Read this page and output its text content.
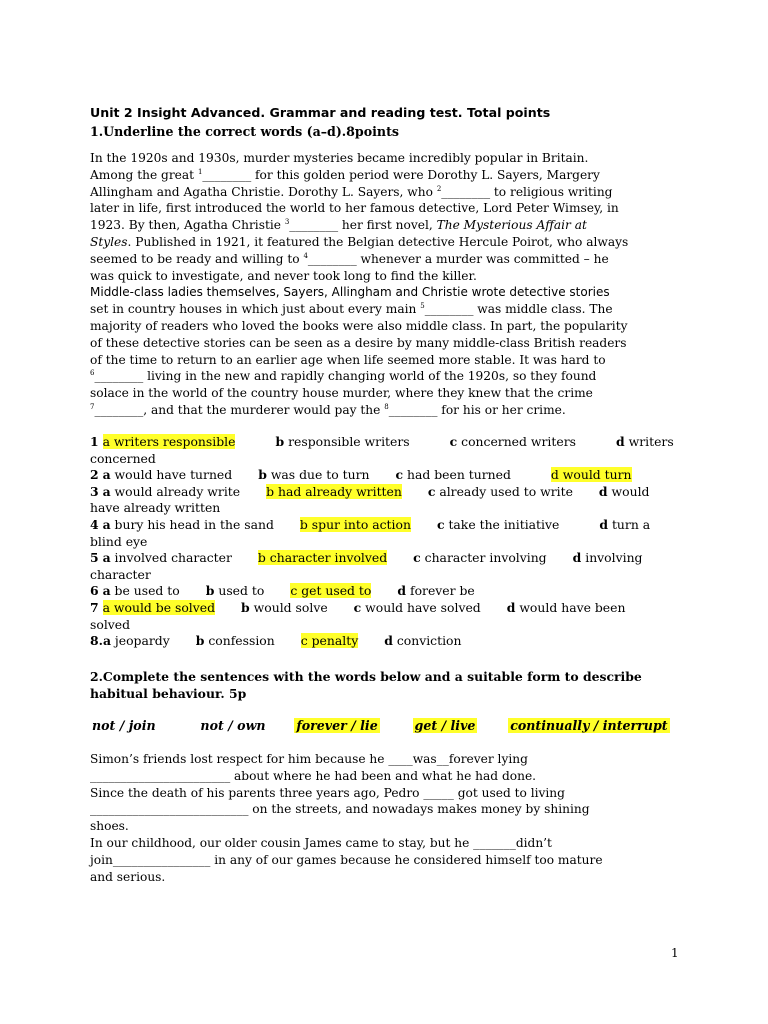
Unit 2 Insight Advanced. Grammar and reading test. Total points
1.Underline the correct words (a–d).8points

In the 1920s and 1930s, murder mysteries became incredibly popular in Britain.

Among the great $^1$________ for this golden period were Dorothy L. Sayers, Margery

Allingham and Agatha Christie. Dorothy L. Sayers, who $^2$________ to religious writing

later in life, first introduced the world to her famous detective, Lord Peter Wimsey, in

1923. By then, Agatha Christie $^3$________ her first novel, The Mysterious Affair at

Styles. Published in 1921, it featured the Belgian detective Hercule Poirot, who always

seemed to be ready and willing to $^4$________ whenever a murder was committed – he

was quick to investigate, and never took long to find the killer.

Middle-class ladies themselves, Sayers, Allingham and Christie wrote detective stories

set in country houses in which just about every main $^5$________ was middle class. The

majority of readers who loved the books were also middle class. In part, the popularity

of these detective stories can be seen as a desire by many middle-class British readers

of the time to return to an earlier age when life seemed more stable. It was hard to

$^6$________ living in the new and rapidly changing world of the 1920s, so they found

solace in the world of the country house murder, where they knew that the crime

$^7$________, and that the murderer would pay the $^8$________ for his or her crime.

1 a writers responsible	b responsible writers	c concerned writers	d writers
concerned
2 a would have turned b was due to turn c had been turned	d would turn
3 a would already write b had already written c already used to write d would
have already written
4 a bury his head in the sand b spur into action c take the initiative	d turn a
blind eye
5 a involved character b character involved c character involving d involving
character
6 a be used to b used to c get used to d forever be
7 a would be solved b would solve c would have solved d would have been
solved
8.a jeopardy b confession c penalty d conviction
2.Complete the sentences with the words below and a suitable form to describe
habitual behaviour. 5p
not / join	not / own forever / lie	get / live	continually / interrupt

Simon’s friends lost respect for him because he ____was__forever lying

_______________________ about where he had been and what he had done.

Since the death of his parents three years ago, Pedro _____ got used to living

__________________________ on the streets, and nowadays makes money by shining

shoes.

In our childhood, our older cousin James came to stay, but he _______didn’t

join________________ in any of our games because he considered himself too mature

and serious.

1
